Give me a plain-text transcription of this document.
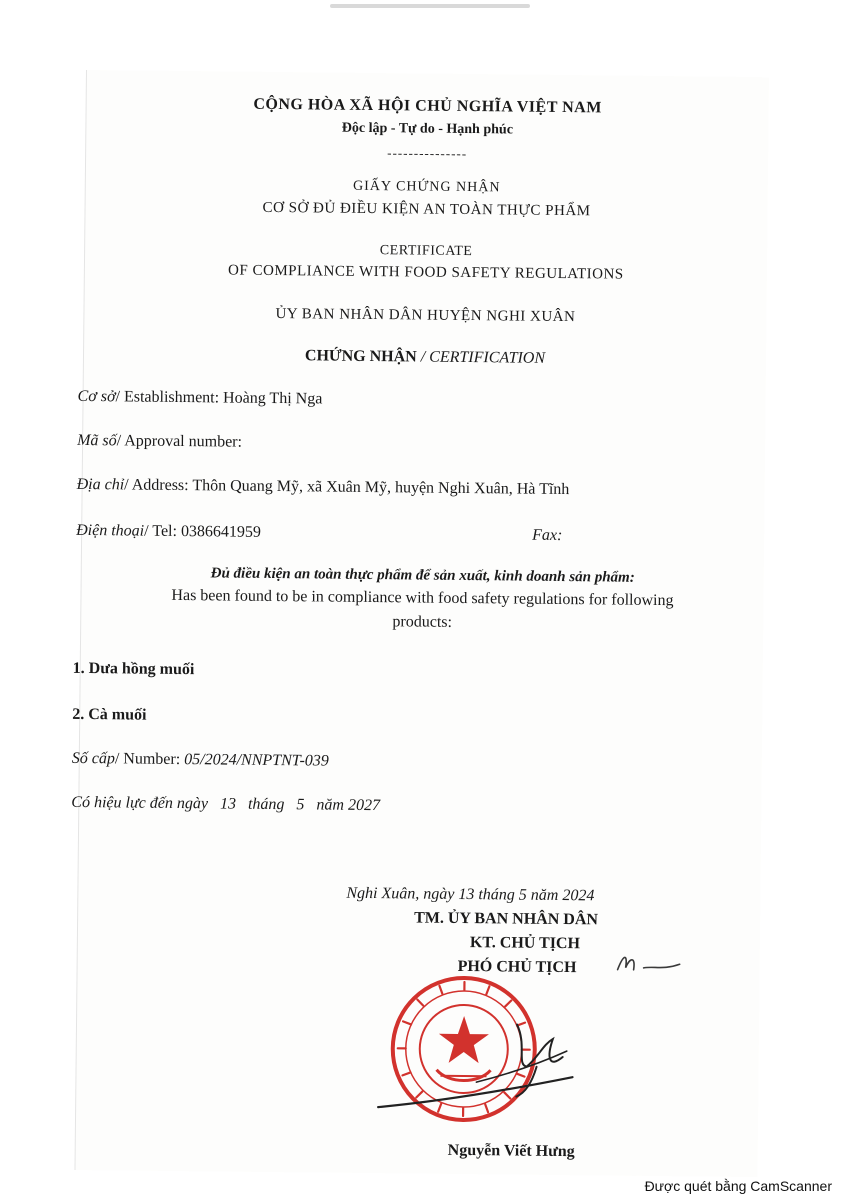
CỘNG HÒA XÃ HỘI CHỦ NGHĨA VIỆT NAM
Độc lập - Tự do - Hạnh phúc
---------------
GIẤY CHỨNG NHẬN
CƠ SỞ ĐỦ ĐIỀU KIỆN AN TOÀN THỰC PHẨM
CERTIFICATE
OF COMPLIANCE WITH FOOD SAFETY REGULATIONS
ỦY BAN NHÂN DÂN HUYỆN NGHI XUÂN
CHỨNG NHẬN / CERTIFICATION
Cơ sở/ Establishment: Hoàng Thị Nga
Mã số/ Approval number:
Địa chỉ/ Address: Thôn Quang Mỹ, xã Xuân Mỹ, huyện Nghi Xuân, Hà Tĩnh
Điện thoại/ Tel: 0386641959	Fax:
Đủ điều kiện an toàn thực phẩm để sản xuất, kinh doanh sản phẩm:
Has been found to be in compliance with food safety regulations for following
products:
1. Dưa hồng muối
2. Cà muối
Số cấp/ Number: 05/2024/NNPTNT-039
Có hiệu lực đến ngày 13 tháng 5 năm 2027
Nghi Xuân, ngày 13 tháng 5 năm 2024
TM. ỦY BAN NHÂN DÂN
KT. CHỦ TỊCH
PHÓ CHỦ TỊCH
Nguyễn Viết Hưng
Được quét bằng CamScanner
